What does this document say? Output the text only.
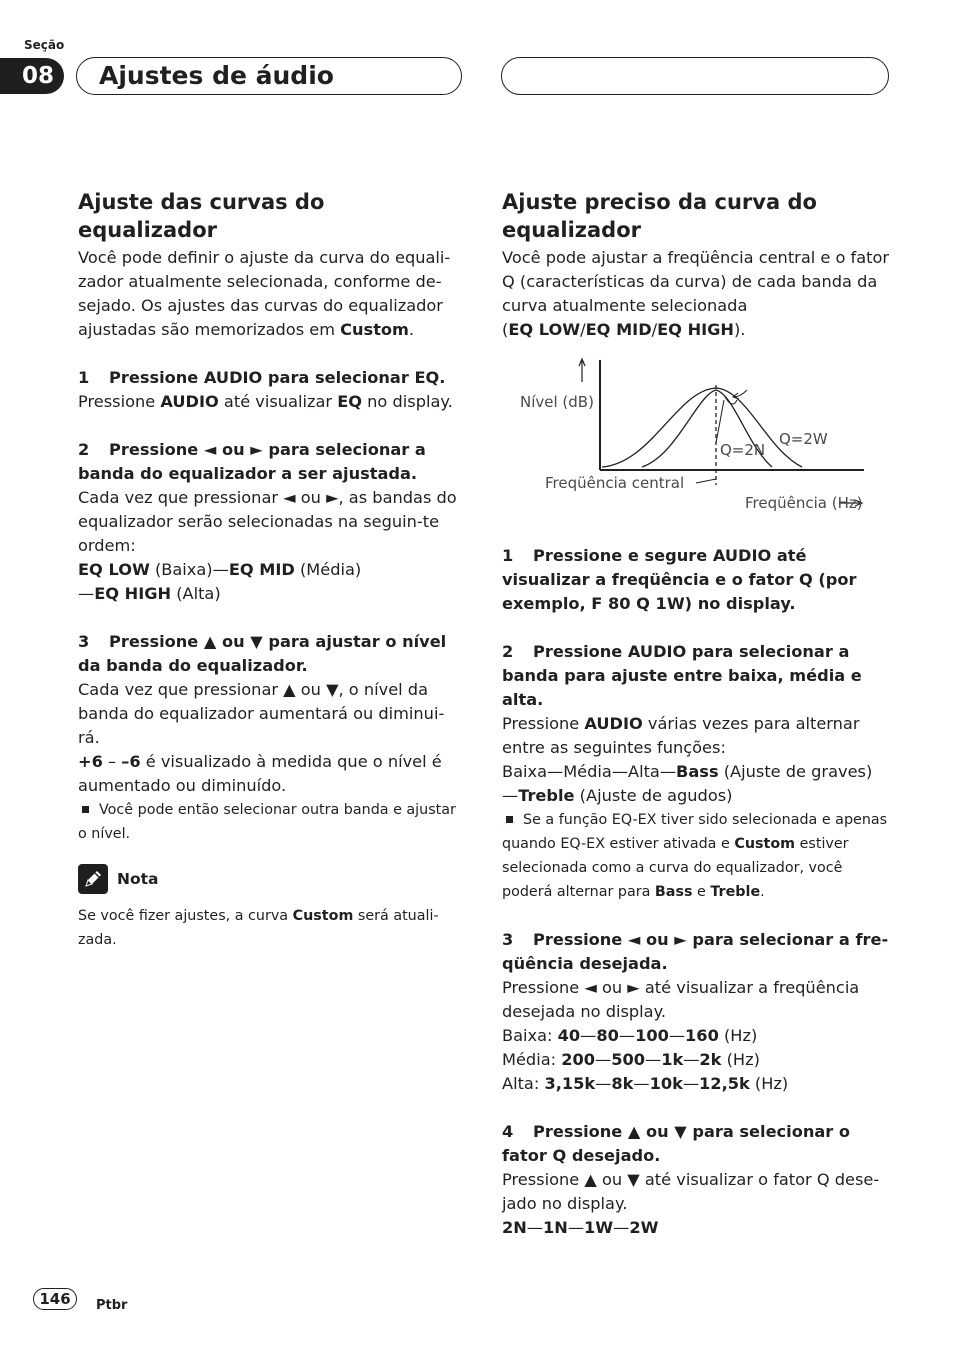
Seção
08	Ajustes de áudio
Ajuste das curvas do equalizador

Você pode definir o ajuste da curva do equali-zador atualmente selecionada, conforme de-sejado. Os ajustes das curvas do equalizador ajustadas são memorizados em Custom.

1 Pressione AUDIO para selecionar EQ.

Pressione AUDIO até visualizar EQ no display.

2 Pressione ◄ ou ► para selecionar a banda do equalizador a ser ajustada.

Cada vez que pressionar ◄ ou ►, as bandas do equalizador serão selecionadas na seguin-te ordem:

EQ LOW (Baixa)—EQ MID (Média)
—EQ HIGH (Alta)

3 Pressione ▲ ou ▼ para ajustar o nível da banda do equalizador.

Cada vez que pressionar ▲ ou ▼, o nível da banda do equalizador aumentará ou diminui-rá.

+6 – –6 é visualizado à medida que o nível é aumentado ou diminuído.

Você pode então selecionar outra banda e ajustar o nível.

Nota

Se você fizer ajustes, a curva Custom será atuali-zada.

Ajuste preciso da curva do equalizador

Você pode ajustar a freqüência central e o fator Q (características da curva) de cada banda da curva atualmente selecionada

(EQ LOW/EQ MID/EQ HIGH).

Nível (dB)
Q=2N
Q=2W
Freqüência central
Freqüência (Hz)

1 Pressione e segure AUDIO até visualizar a freqüência e o fator Q (por exemplo, F 80 Q 1W) no display.

2 Pressione AUDIO para selecionar a banda para ajuste entre baixa, média e alta.

Pressione AUDIO várias vezes para alternar entre as seguintes funções:

Baixa—Média—Alta—Bass (Ajuste de graves)
—Treble (Ajuste de agudos)

Se a função EQ-EX tiver sido selecionada e apenas quando EQ-EX estiver ativada e Custom estiver selecionada como a curva do equalizador, você poderá alternar para Bass e Treble.

3 Pressione ◄ ou ► para selecionar a fre-qüência desejada.

Pressione ◄ ou ► até visualizar a freqüência desejada no display.

Baixa: 40—80—100—160 (Hz)

Média: 200—500—1k—2k (Hz)

Alta: 3,15k—8k—10k—12,5k (Hz)

4 Pressione ▲ ou ▼ para selecionar o fator Q desejado.

Pressione ▲ ou ▼ até visualizar o fator Q dese-jado no display.

2N—1N—1W—2W

146	Ptbr
